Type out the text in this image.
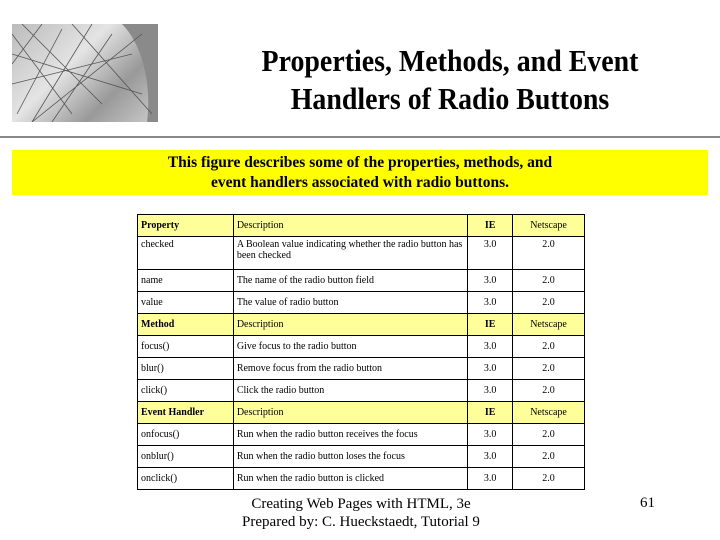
Properties, Methods, and Event
Handlers of Radio Buttons
This figure describes some of the properties, methods, and
event handlers associated with radio buttons.
Property	Description	IE	Netscape
checked	A Boolean value indicating whether the radio button has been checked	3.0	2.0
name	The name of the radio button field	3.0	2.0
value	The value of radio button	3.0	2.0
Method	Description	IE	Netscape
focus()	Give focus to the radio button	3.0	2.0
blur()	Remove focus from the radio button	3.0	2.0
click()	Click the radio button	3.0	2.0
Event Handler	Description	IE	Netscape
onfocus()	Run when the radio button receives the focus	3.0	2.0
onblur()	Run when the radio button loses the focus	3.0	2.0
onclick()	Run when the radio button is clicked	3.0	2.0
Creating Web Pages with HTML, 3e
Prepared by: C. Hueckstaedt, Tutorial 9
61
